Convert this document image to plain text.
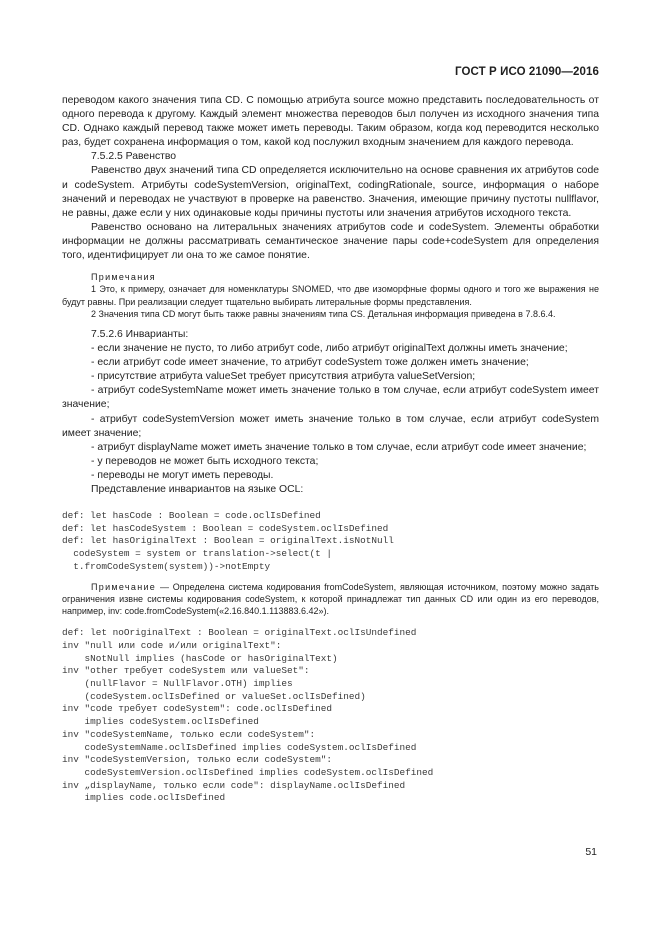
ГОСТ Р ИСО 21090—2016

переводом какого значения типа CD. С помощью атрибута source можно представить последовательность от одного перевода к другому. Каждый элемент множества переводов был получен из исходного значения типа CD. Однако каждый перевод также может иметь переводы. Таким образом, когда код переводится несколько раз, будет сохранена информация о том, какой код послужил входным значением для каждого перевода.

7.5.2.5 Равенство

Равенство двух значений типа CD определяется исключительно на основе сравнения их атрибутов code и codeSystem. Атрибуты codeSystemVersion, originalText, codingRationale, source, информация о наборе значений и переводах не участвуют в проверке на равенство. Значения, имеющие причину пустоты nullflavor, не равны, даже если у них одинаковые коды причины пустоты или значения атрибутов исходного текста.

Равенство основано на литеральных значениях атрибутов code и codeSystem. Элементы обработки информации не должны рассматривать семантическое значение пары code+codeSystem для определения того, идентифицирует ли она то же самое понятие.

Примечания

1 Это, к примеру, означает для номенклатуры SNOMED, что две изоморфные формы одного и того же выражения не будут равны. При реализации следует тщательно выбирать литеральные формы представления.

2 Значения типа CD могут быть также равны значениям типа CS. Детальная информация приведена в 7.8.6.4.

7.5.2.6 Инварианты:

- если значение не пусто, то либо атрибут code, либо атрибут originalText должны иметь значение;

- если атрибут code имеет значение, то атрибут codeSystem тоже должен иметь значение;

- присутствие атрибута valueSet требует присутствия атрибута valueSetVersion;

- атрибут codeSystemName может иметь значение только в том случае, если атрибут codeSystem имеет значение;

- атрибут codeSystemVersion может иметь значение только в том случае, если атрибут codeSystem имеет значение;

- атрибут displayName может иметь значение только в том случае, если атрибут code имеет значение;

- у переводов не может быть исходного текста;

- переводы не могут иметь переводы.

Представление инвариантов на языке OCL:

def: let hasCode : Boolean = code.oclIsDefined
def: let hasCodeSystem : Boolean = codeSystem.oclIsDefined
def: let hasOriginalText : Boolean = originalText.isNotNull
codeSystem = system or translation->select(t |
t.fromCodeSystem(system))->notEmpty

Примечание — Определена система кодирования fromCodeSystem, являющая источником, поэтому можно задать ограничения извне системы кодирования codeSystem, к которой принадлежат тип данных CD или один из его переводов, например, inv: code.fromCodeSystem(«2.16.840.1.113883.6.42»).

def: let noOriginalText : Boolean = originalText.oclIsUndefined
inv "null или code и/или originalText":
sNotNull implies (hasCode or hasOriginalText)
inv "other требует codeSystem или valueSet":
(nullFlavor = NullFlavor.OTH) implies
(codeSystem.oclIsDefined or valueSet.oclIsDefined)
inv "code требует codeSystem": code.oclIsDefined
implies codeSystem.oclIsDefined
inv "codeSystemName, только если codeSystem":
codeSystemName.oclIsDefined implies codeSystem.oclIsDefined
inv "codeSystemVersion, только если codeSystem":
codeSystemVersion.oclIsDefined implies codeSystem.oclIsDefined
inv „displayName, только если code": displayName.oclIsDefined
implies code.oclIsDefined
51
